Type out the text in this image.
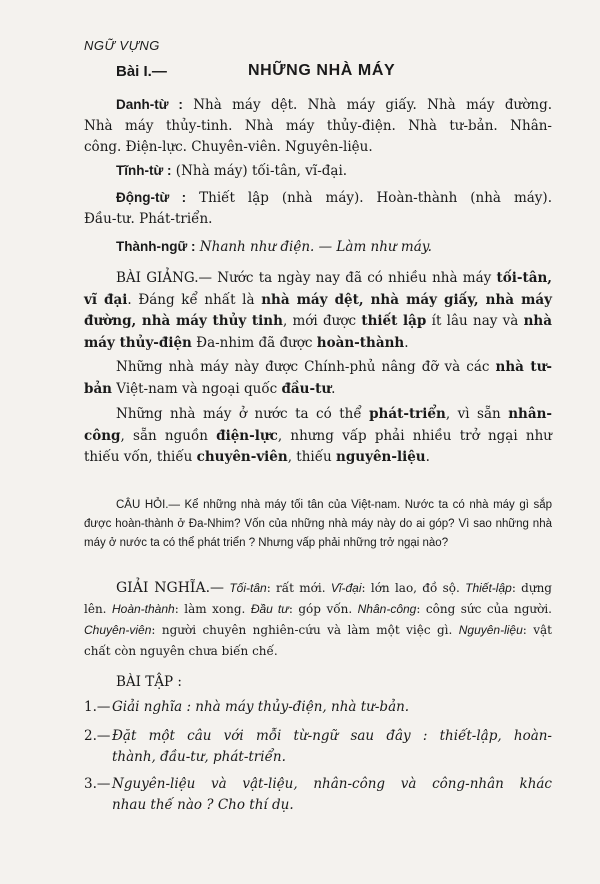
NGỮ VỰNG
Bài I.—	NHỮNG NHÀ MÁY
Danh-từ : Nhà máy dệt. Nhà máy giấy. Nhà máy đường.
Nhà máy thủy-tinh. Nhà máy thủy-điện. Nhà tư-bản. Nhân-
công. Điện-lực. Chuyên-viên. Nguyên-liệu.
Tĩnh-từ : (Nhà máy) tối-tân, vĩ-đại.
Động-từ : Thiết lập (nhà máy). Hoàn-thành (nhà máy).
Đầu-tư. Phát-triển.
Thành-ngữ : Nhanh như điện. — Làm như máy.
BÀI GIẢNG.— Nước ta ngày nay đã có nhiều nhà máy tối-tân, vĩ đại. Đáng kể nhất là nhà máy dệt, nhà máy giấy, nhà máy đường, nhà máy thủy tinh, mới được thiết lập ít lâu nay và nhà máy thủy-điện Đa-nhim đã được hoàn-thành.
Những nhà máy này được Chính-phủ nâng đỡ và các nhà tư-bản Việt-nam và ngoại quốc đầu-tư.
Những nhà máy ở nước ta có thể phát-triển, vì sẵn nhân-công, sẵn nguồn điện-lực, nhưng vấp phải nhiều trở ngại như thiếu vốn, thiếu chuyên-viên, thiếu nguyên-liệu.
CÂU HỎI.— Kể những nhà máy tối tân của Việt-nam. Nước ta có nhà máy gì sắp được hoàn-thành ở Đa-Nhim? Vốn của những nhà máy này do ai góp? Vì sao những nhà máy ở nước ta có thể phát triển ? Nhưng vấp phải những trở ngại nào?
GIẢI NGHĨA.— Tối-tân: rất mới. Vĩ-đại: lớn lao, đồ sộ. Thiết-lập: dựng lên. Hoàn-thành: làm xong. Đầu tư: góp vốn. Nhân-công: công sức của người. Chuyên-viên: người chuyên nghiên-cứu và làm một việc gì. Nguyên-liệu: vật chất còn nguyên chưa biến chế.
BÀI TẬP :
1.— Giải nghĩa : nhà máy thủy-điện, nhà tư-bản.
2.— Đặt một câu với mỗi từ-ngữ sau đây : thiết-lập, hoàn-
thành, đầu-tư, phát-triển.
3.— Nguyên-liệu và vật-liệu, nhân-công và công-nhân khác
nhau thế nào ? Cho thí dụ.
